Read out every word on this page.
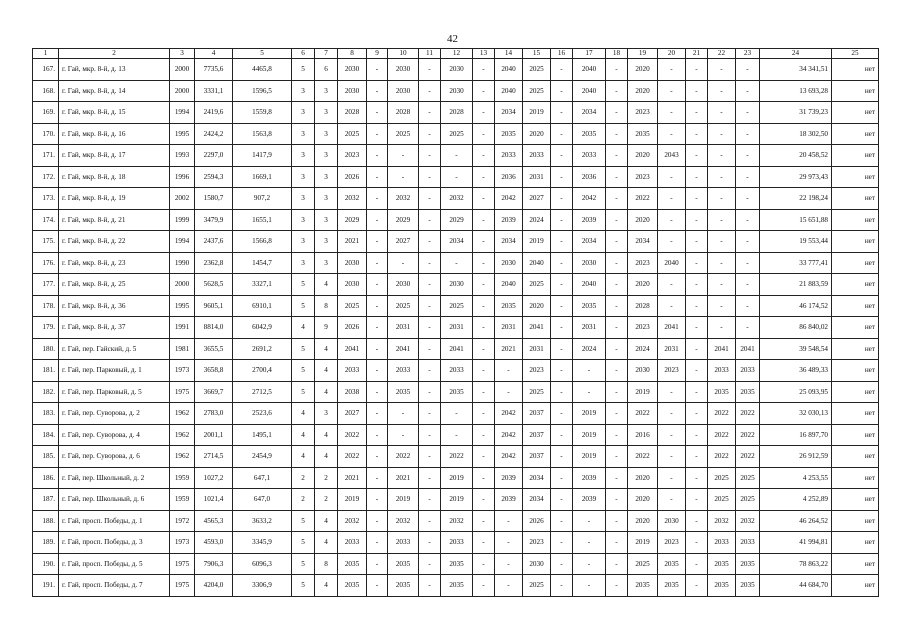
42
1	2	3	4	5	6	7	8	9	10	11	12	13	14	15	16	17	18	19	20	21	22	23	24	25
167.	г. Гай, мкр. 8-й, д. 13	2000	7735,6	4465,8	5	6	2030	-	2030	-	2030	-	2040	2025	-	2040	-	2020	-	-	-	-	34 341,51	нет
168.	г. Гай, мкр. 8-й, д. 14	2000	3331,1	1596,5	3	3	2030	-	2030	-	2030	-	2040	2025	-	2040	-	2020	-	-	-	-	13 693,28	нет
169.	г. Гай, мкр. 8-й, д. 15	1994	2419,6	1559,8	3	3	2028	-	2028	-	2028	-	2034	2019	-	2034	-	2023	-	-	-	-	31 739,23	нет
170.	г. Гай, мкр. 8-й, д. 16	1995	2424,2	1563,8	3	3	2025	-	2025	-	2025	-	2035	2020	-	2035	-	2035	-	-	-	-	18 302,50	нет
171.	г. Гай, мкр. 8-й, д. 17	1993	2297,0	1417,9	3	3	2023	-	-	-	-	-	2033	2033	-	2033	-	2020	2043	-	-	-	20 458,52	нет
172.	г. Гай, мкр. 8-й, д. 18	1996	2594,3	1669,1	3	3	2026	-	-	-	-	-	2036	2031	-	2036	-	2023	-	-	-	-	29 973,43	нет
173.	г. Гай, мкр. 8-й, д. 19	2002	1580,7	907,2	3	3	2032	-	2032	-	2032	-	2042	2027	-	2042	-	2022	-	-	-	-	22 198,24	нет
174.	г. Гай, мкр. 8-й, д. 21	1999	3479,9	1655,1	3	3	2029	-	2029	-	2029	-	2039	2024	-	2039	-	2020	-	-	-	-	15 651,88	нет
175.	г. Гай, мкр. 8-й, д. 22	1994	2437,6	1566,8	3	3	2021	-	2027	-	2034	-	2034	2019	-	2034	-	2034	-	-	-	-	19 553,44	нет
176.	г. Гай, мкр. 8-й, д. 23	1990	2362,8	1454,7	3	3	2030	-	-	-	-	-	2030	2040	-	2030	-	2023	2040	-	-	-	33 777,41	нет
177.	г. Гай, мкр. 8-й, д. 25	2000	5628,5	3327,1	5	4	2030	-	2030	-	2030	-	2040	2025	-	2040	-	2020	-	-	-	-	21 883,59	нет
178.	г. Гай, мкр. 8-й, д. 36	1995	9605,1	6910,1	5	8	2025	-	2025	-	2025	-	2035	2020	-	2035	-	2028	-	-	-	-	46 174,52	нет
179.	г. Гай, мкр. 8-й, д. 37	1991	8814,0	6042,9	4	9	2026	-	2031	-	2031	-	2031	2041	-	2031	-	2023	2041	-	-	-	86 840,02	нет
180.	г. Гай, пер. Гайский, д. 5	1981	3655,5	2691,2	5	4	2041	-	2041	-	2041	-	2021	2031	-	2024	-	2024	2031	-	2041	2041	39 548,54	нет
181.	г. Гай, пер. Парковый, д. 1	1973	3658,8	2700,4	5	4	2033	-	2033	-	2033	-	-	2023	-	-	-	2030	2023	-	2033	2033	36 489,33	нет
182.	г. Гай, пер. Парковый, д. 5	1975	3669,7	2712,5	5	4	2038	-	2035	-	2035	-	-	2025	-	-	-	2019	-	-	2035	2035	25 093,95	нет
183.	г. Гай, пер. Суворова, д. 2	1962	2783,0	2523,6	4	3	2027	-	-	-	-	-	2042	2037	-	2019	-	2022	-	-	2022	2022	32 030,13	нет
184.	г. Гай, пер. Суворова, д. 4	1962	2001,1	1495,1	4	4	2022	-	-	-	-	-	2042	2037	-	2019	-	2016	-	-	2022	2022	16 897,70	нет
185.	г. Гай, пер. Суворова, д. 6	1962	2714,5	2454,9	4	4	2022	-	2022	-	2022	-	2042	2037	-	2019	-	2022	-	-	2022	2022	26 912,59	нет
186.	г. Гай, пер. Школьный, д. 2	1959	1027,2	647,1	2	2	2021	-	2021	-	2019	-	2039	2034	-	2039	-	2020	-	-	2025	2025	4 253,55	нет
187.	г. Гай, пер. Школьный, д. 6	1959	1021,4	647,0	2	2	2019	-	2019	-	2019	-	2039	2034	-	2039	-	2020	-	-	2025	2025	4 252,89	нет
188.	г. Гай, просп. Победы, д. 1	1972	4565,3	3633,2	5	4	2032	-	2032	-	2032	-	-	2026	-	-	-	2020	2030	-	2032	2032	46 264,52	нет
189.	г. Гай, просп. Победы, д. 3	1973	4593,0	3345,9	5	4	2033	-	2033	-	2033	-	-	2023	-	-	-	2019	2023	-	2033	2033	41 994,81	нет
190.	г. Гай, просп. Победы, д. 5	1975	7906,3	6096,3	5	8	2035	-	2035	-	2035	-	-	2030	-	-	-	2025	2035	-	2035	2035	78 863,22	нет
191.	г. Гай, просп. Победы, д. 7	1975	4204,0	3306,9	5	4	2035	-	2035	-	2035	-	-	2025	-	-	-	2035	2035	-	2035	2035	44 684,70	нет
